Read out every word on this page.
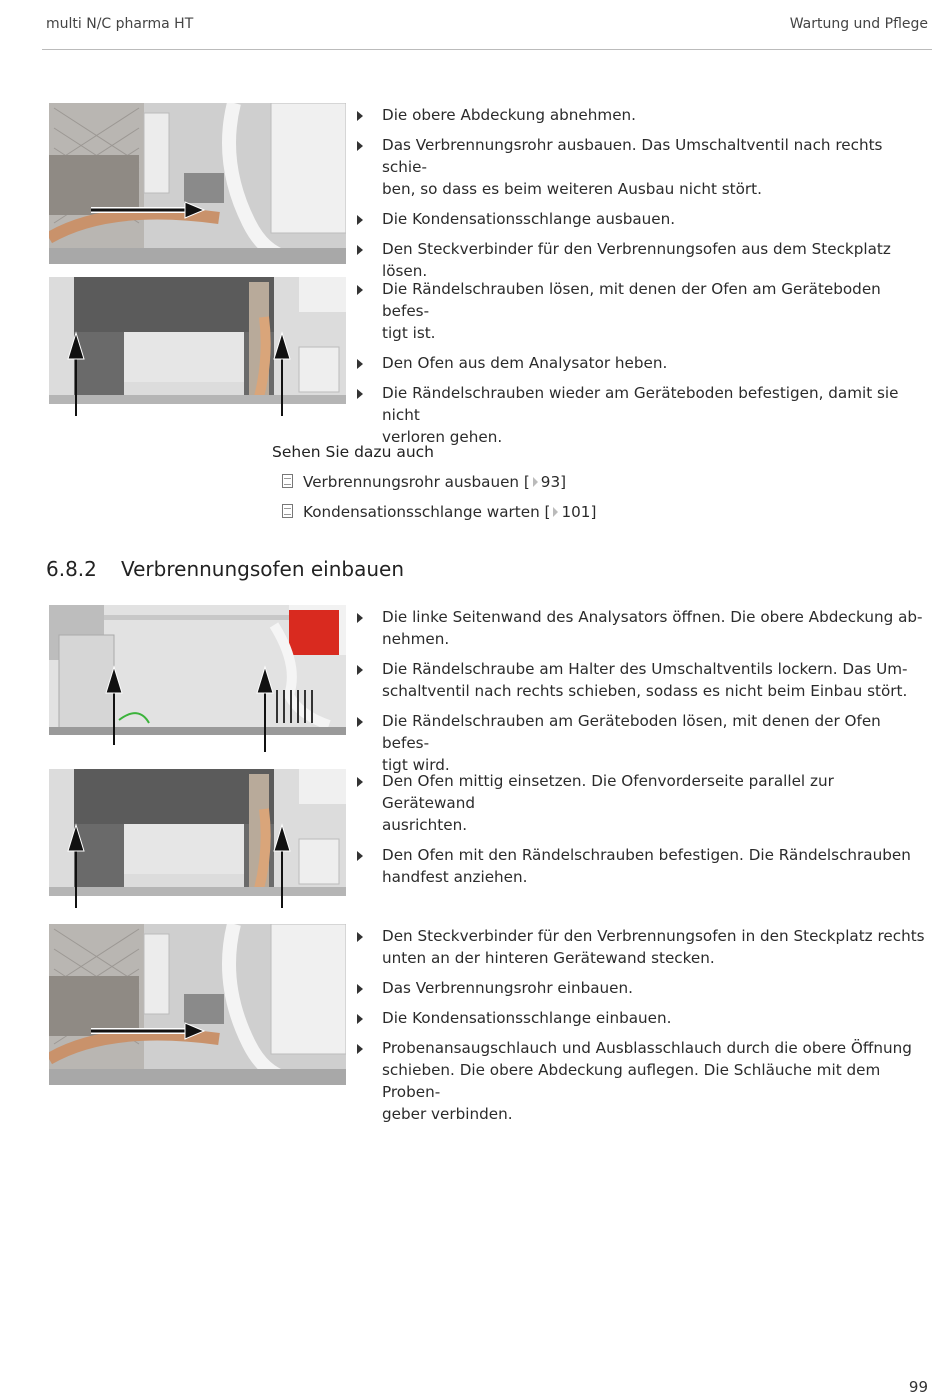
multi N/C pharma HT	Wartung und Pflege
Die obere Abdeckung abnehmen.
Das Verbrennungsrohr ausbauen. Das Umschaltventil nach rechts schie-
ben, so dass es beim weiteren Ausbau nicht stört.
Die Kondensationsschlange ausbauen.
Den Steckverbinder für den Verbrennungsofen aus dem Steckplatz lösen.
Die Rändelschrauben lösen, mit denen der Ofen am Geräteboden befes-
tigt ist.
Den Ofen aus dem Analysator heben.
Die Rändelschrauben wieder am Geräteboden befestigen, damit sie nicht
verloren gehen.
Sehen Sie dazu auch
Verbrennungsrohr ausbauen [ 93]
Kondensationsschlange warten [ 101]
6.8.2 Verbrennungsofen einbauen
Die linke Seitenwand des Analysators öffnen. Die obere Abdeckung ab-
nehmen.
Die Rändelschraube am Halter des Umschaltventils lockern. Das Um-
schaltventil nach rechts schieben, sodass es nicht beim Einbau stört.
Die Rändelschrauben am Geräteboden lösen, mit denen der Ofen befes-
tigt wird.
Den Ofen mittig einsetzen. Die Ofenvorderseite parallel zur Gerätewand
ausrichten.
Den Ofen mit den Rändelschrauben befestigen. Die Rändelschrauben
handfest anziehen.
Den Steckverbinder für den Verbrennungsofen in den Steckplatz rechts
unten an der hinteren Gerätewand stecken.
Das Verbrennungsrohr einbauen.
Die Kondensationsschlange einbauen.
Probenansaugschlauch und Ausblasschlauch durch die obere Öffnung
schieben. Die obere Abdeckung auflegen. Die Schläuche mit dem Proben-
geber verbinden.
99
